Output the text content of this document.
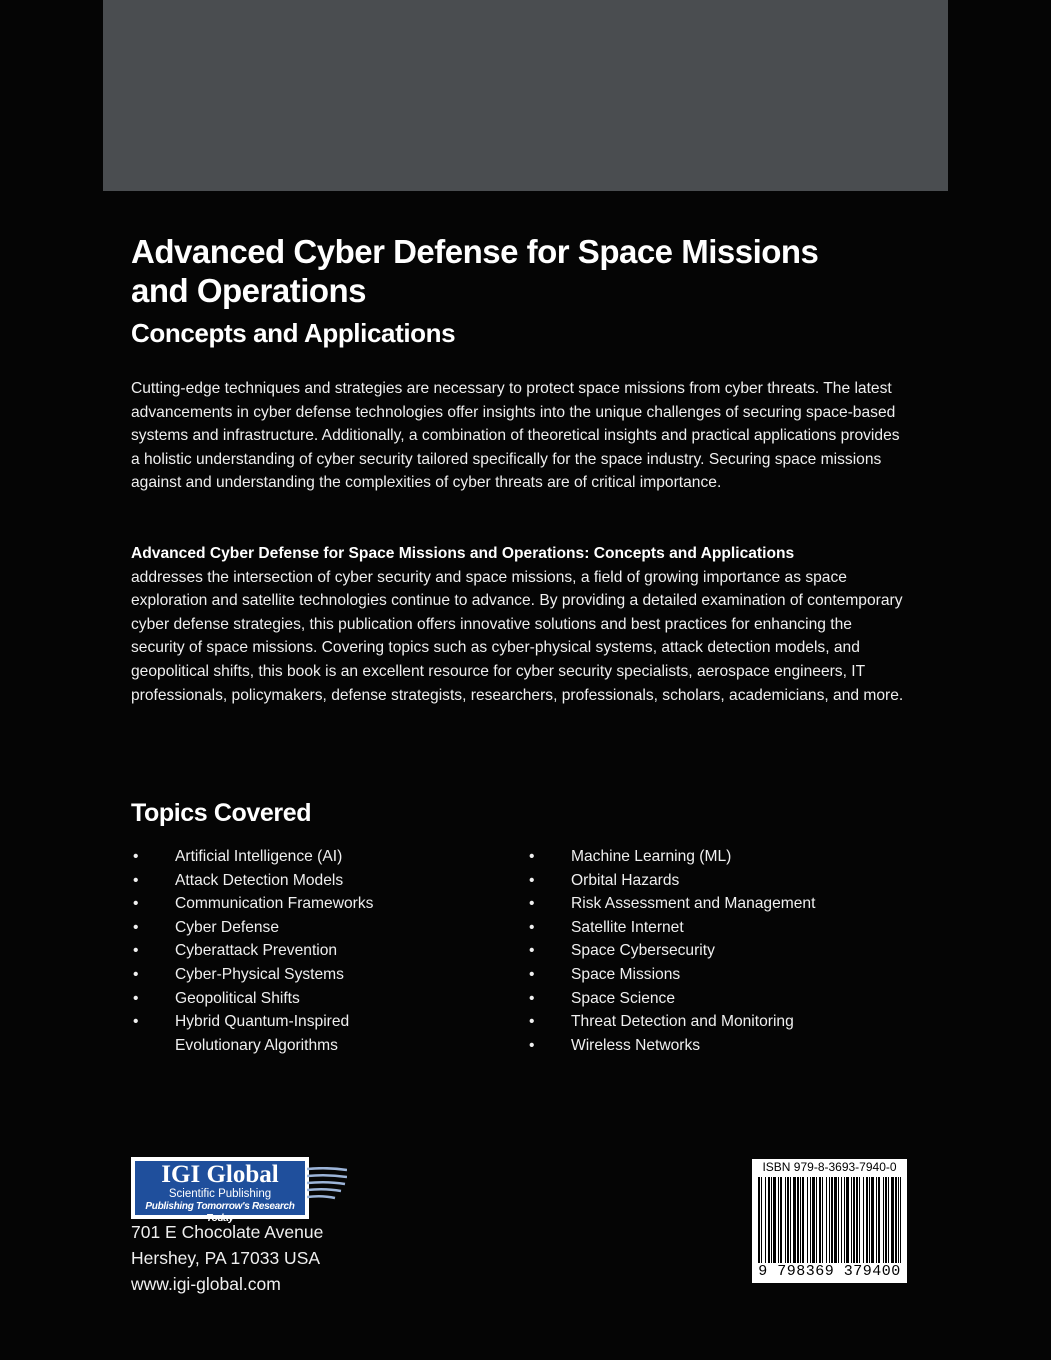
Advanced Cyber Defense for Space Missions and Operations
Concepts and Applications

Cutting-edge techniques and strategies are necessary to protect space missions from cyber threats. The latest advancements in cyber defense technologies offer insights into the unique challenges of securing space-based systems and infrastructure. Additionally, a combination of theoretical insights and practical applications provides a holistic understanding of cyber security tailored specifically for the space industry. Securing space missions against and understanding the complexities of cyber threats are of critical importance.

Advanced Cyber Defense for Space Missions and Operations: Concepts and Applications
addresses the intersection of cyber security and space missions, a field of growing importance as space exploration and satellite technologies continue to advance. By providing a detailed examination of contemporary cyber defense strategies, this publication offers innovative solutions and best practices for enhancing the security of space missions. Covering topics such as cyber-physical systems, attack detection models, and geopolitical shifts, this book is an excellent resource for cyber security specialists, aerospace engineers, IT professionals, policymakers, defense strategists, researchers, professionals, scholars, academicians, and more.

Topics Covered
• Artificial Intelligence (AI)
• Attack Detection Models
• Communication Frameworks
• Cyber Defense
• Cyberattack Prevention
• Cyber-Physical Systems
• Geopolitical Shifts
• Hybrid Quantum-Inspired Evolutionary Algorithms
• Machine Learning (ML)
• Orbital Hazards
• Risk Assessment and Management
• Satellite Internet
• Space Cybersecurity
• Space Missions
• Space Science
• Threat Detection and Monitoring
• Wireless Networks
IGI Global
Scientific Publishing
Publishing Tomorrow's Research Today
701 E Chocolate Avenue
Hershey, PA 17033 USA
www.igi-global.com
ISBN 979-8-3693-7940-0
9 798369 379400
